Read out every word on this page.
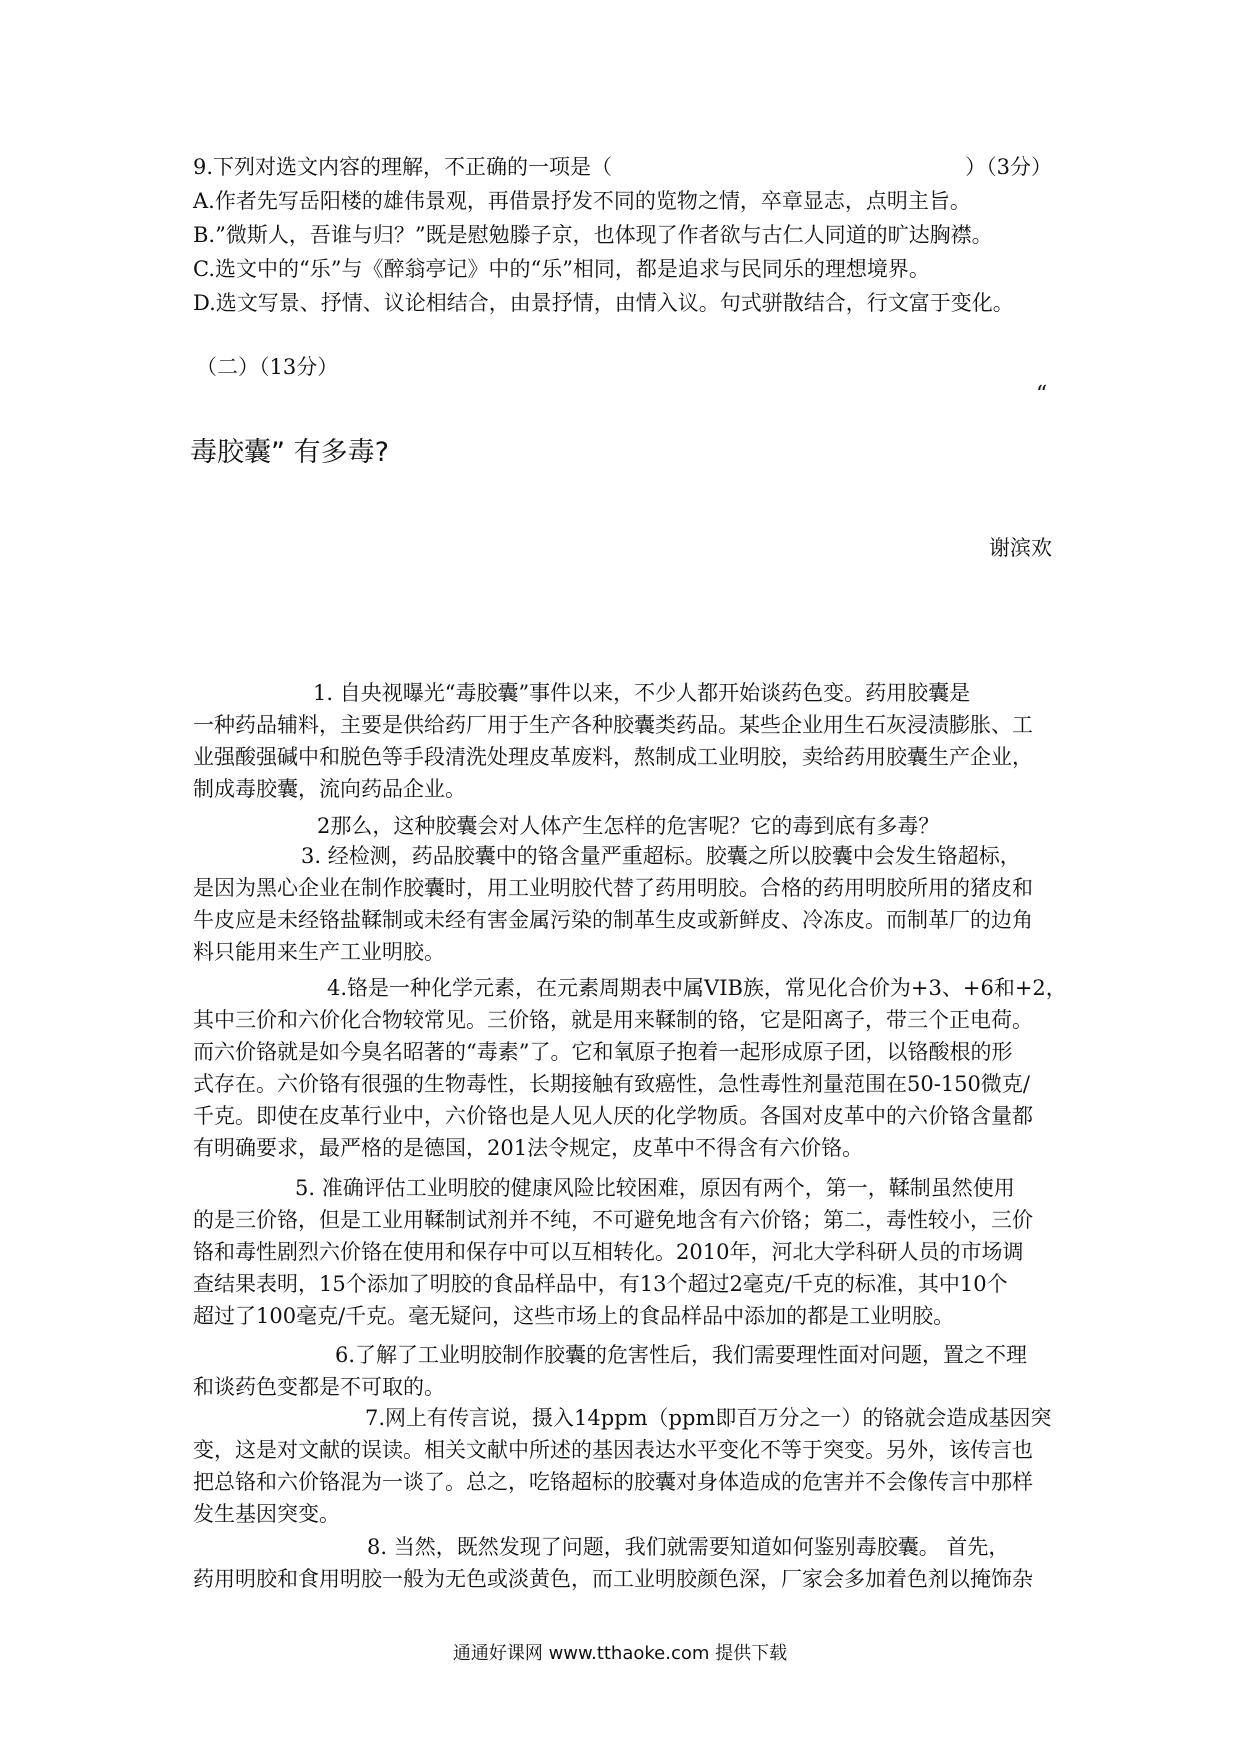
9.下列对选文内容的理解，不正确的一项是（	）（3分）
A.作者先写岳阳楼的雄伟景观，再借景抒发不同的览物之情，卒章显志，点明主旨。
B.”微斯人，吾谁与归？”既是慰勉滕子京，也体现了作者欲与古仁人同道的旷达胸襟。
C.选文中的“乐”与《醉翁亭记》中的“乐”相同，都是追求与民同乐的理想境界。
D.选文写景、抒情、议论相结合，由景抒情，由情入议。句式骈散结合，行文富于变化。
（二）（13分）
“
毒胶囊” 有多毒?
谢滨欢
1. 自央视曝光“毒胶囊”事件以来，不少人都开始谈药色变。药用胶囊是
一种药品辅料，主要是供给药厂用于生产各种胶囊类药品。某些企业用生石灰浸渍膨胀、工
业强酸强碱中和脱色等手段清洗处理皮革废料，熬制成工业明胶，卖给药用胶囊生产企业，
制成毒胶囊，流向药品企业。
2那么，这种胶囊会对人体产生怎样的危害呢？它的毒到底有多毒？
3. 经检测，药品胶囊中的铬含量严重超标。胶囊之所以胶囊中会发生铬超标，
是因为黑心企业在制作胶囊时，用工业明胶代替了药用明胶。合格的药用明胶所用的猪皮和
牛皮应是未经铬盐鞣制或未经有害金属污染的制革生皮或新鲜皮、冷冻皮。而制革厂的边角
料只能用来生产工业明胶。
4.铬是一种化学元素，在元素周期表中属VIB族，常见化合价为+3、+6和+2，
其中三价和六价化合物较常见。三价铬，就是用来鞣制的铬，它是阳离子，带三个正电荷。
而六价铬就是如今臭名昭著的“毒素”了。它和氧原子抱着一起形成原子团，以铬酸根的形
式存在。六价铬有很强的生物毒性，长期接触有致癌性，急性毒性剂量范围在50-150微克/
千克。即使在皮革行业中，六价铬也是人见人厌的化学物质。各国对皮革中的六价铬含量都
有明确要求，最严格的是德国，201法令规定，皮革中不得含有六价铬。
5. 准确评估工业明胶的健康风险比较困难，原因有两个，第一，鞣制虽然使用
的是三价铬，但是工业用鞣制试剂并不纯，不可避免地含有六价铬；第二，毒性较小，三价
铬和毒性剧烈六价铬在使用和保存中可以互相转化。2010年，河北大学科研人员的市场调
查结果表明，15个添加了明胶的食品样品中，有13个超过2毫克/千克的标准，其中10个
超过了100毫克/千克。毫无疑问，这些市场上的食品样品中添加的都是工业明胶。
6.了解了工业明胶制作胶囊的危害性后，我们需要理性面对问题，置之不理
和谈药色变都是不可取的。
7.网上有传言说，摄入14ppm（ppm即百万分之一）的铬就会造成基因突
变，这是对文献的误读。相关文献中所述的基因表达水平变化不等于突变。另外，该传言也
把总铬和六价铬混为一谈了。总之，吃铬超标的胶囊对身体造成的危害并不会像传言中那样
发生基因突变。
8. 当然，既然发现了问题，我们就需要知道如何鉴别毒胶囊。 首先，
药用明胶和食用明胶一般为无色或淡黄色，而工业明胶颜色深，厂家会多加着色剂以掩饰杂
通通好课网 www.tthaoke.com 提供下载
